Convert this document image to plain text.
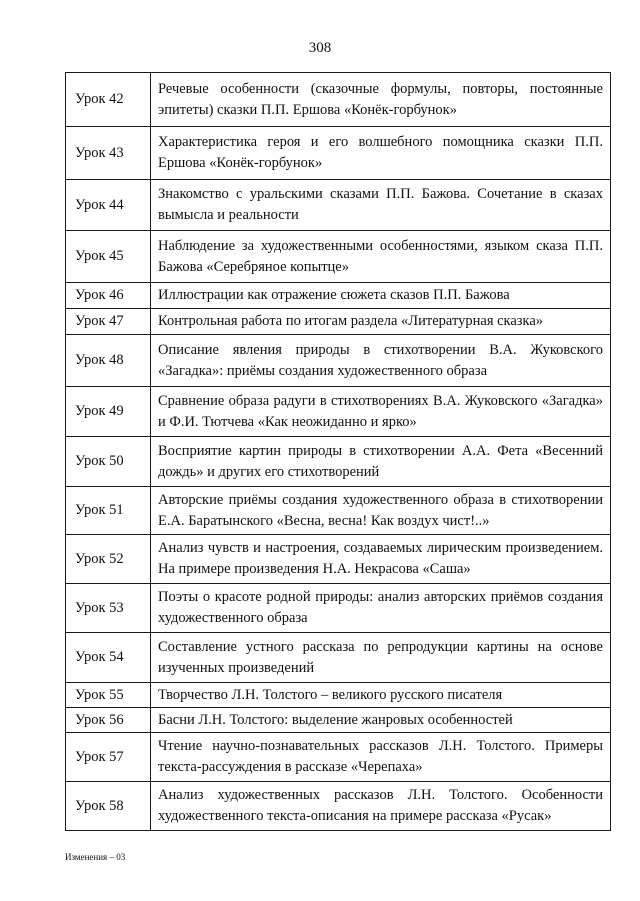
308
Урок 42	Речевые особенности (сказочные формулы, повторы, постоянные эпитеты) сказки П.П. Ершова «Конёк-горбунок»
Урок 43	Характеристика героя и его волшебного помощника сказки П.П. Ершова «Конёк-горбунок»
Урок 44	Знакомство с уральскими сказами П.П. Бажова. Сочетание в сказах вымысла и реальности
Урок 45	Наблюдение за художественными особенностями, языком сказа П.П. Бажова «Серебряное копытце»
Урок 46	Иллюстрации как отражение сюжета сказов П.П. Бажова
Урок 47	Контрольная работа по итогам раздела «Литературная сказка»
Урок 48	Описание явления природы в стихотворении В.А. Жуковского «Загадка»: приёмы создания художественного образа
Урок 49	Сравнение образа радуги в стихотворениях В.А. Жуковского «Загадка» и Ф.И. Тютчева «Как неожиданно и ярко»
Урок 50	Восприятие картин природы в стихотворении А.А. Фета «Весенний дождь» и других его стихотворений
Урок 51	Авторские приёмы создания художественного образа в стихотворении Е.А. Баратынского «Весна, весна! Как воздух чист!..»
Урок 52	Анализ чувств и настроения, создаваемых лирическим произведением. На примере произведения Н.А. Некрасова «Саша»
Урок 53	Поэты о красоте родной природы: анализ авторских приёмов создания художественного образа
Урок 54	Составление устного рассказа по репродукции картины на основе изученных произведений
Урок 55	Творчество Л.Н. Толстого – великого русского писателя
Урок 56	Басни Л.Н. Толстого: выделение жанровых особенностей
Урок 57	Чтение научно-познавательных рассказов Л.Н. Толстого. Примеры текста-рассуждения в рассказе «Черепаха»
Урок 58	Анализ художественных рассказов Л.Н. Толстого. Особенности художественного текста-описания на примере рассказа «Русак»
Изменения – 03
